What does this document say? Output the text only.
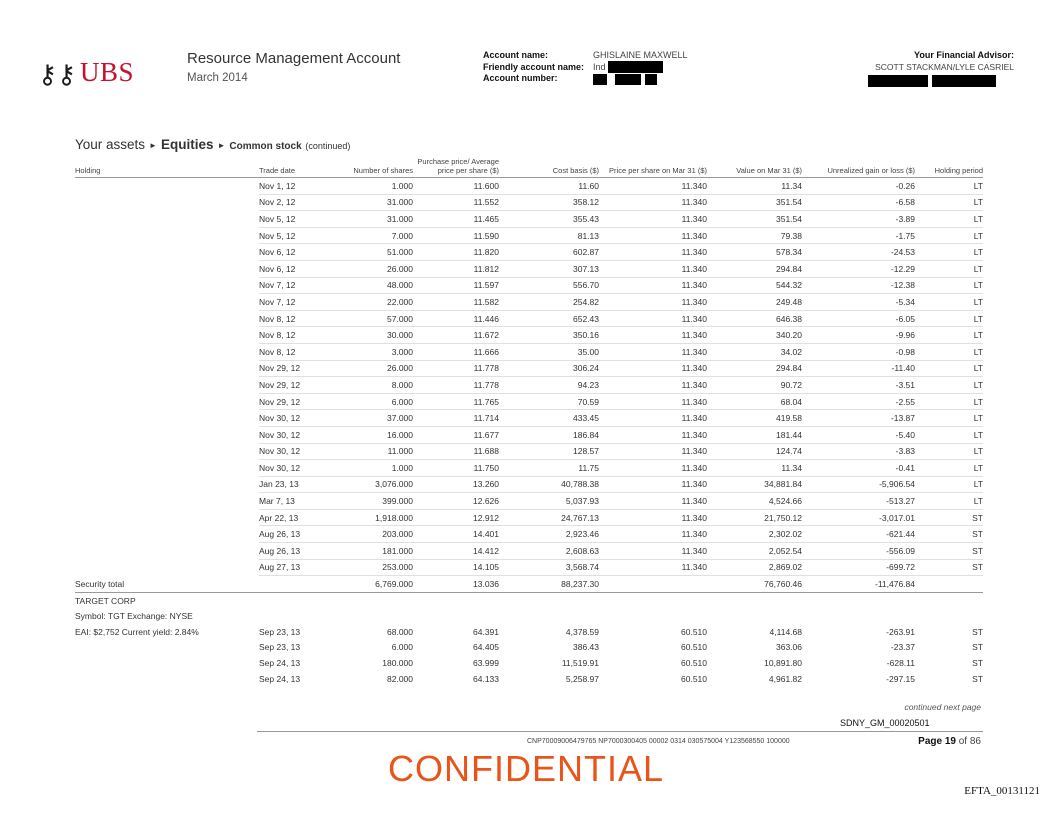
⚷⚷ UBS	Resource Management Account
March 2014
Account name:
Friendly account name:
Account number:
GHISLAINE MAXWELL
Ind
Your Financial Advisor:
SCOTT STACKMAN/LYLE CASRIEL
Your assets ► Equities ► Common stock (continued)
Holding	Trade date	Number of shares	Purchase price/ Average price per share ($)	Cost basis ($)	Price per share on Mar 31 ($)	Value on Mar 31 ($)	Unrealized gain or loss ($)	Holding period
	Nov 1, 12	1.000	11.600	11.60	11.340	11.34	-0.26	LT
	Nov 2, 12	31.000	11.552	358.12	11.340	351.54	-6.58	LT
	Nov 5, 12	31.000	11.465	355.43	11.340	351.54	-3.89	LT
	Nov 5, 12	7.000	11.590	81.13	11.340	79.38	-1.75	LT
	Nov 6, 12	51.000	11.820	602.87	11.340	578.34	-24.53	LT
	Nov 6, 12	26.000	11.812	307.13	11.340	294.84	-12.29	LT
	Nov 7, 12	48.000	11.597	556.70	11.340	544.32	-12.38	LT
	Nov 7, 12	22.000	11.582	254.82	11.340	249.48	-5.34	LT
	Nov 8, 12	57.000	11.446	652.43	11.340	646.38	-6.05	LT
	Nov 8, 12	30.000	11.672	350.16	11.340	340.20	-9.96	LT
	Nov 8, 12	3.000	11.666	35.00	11.340	34.02	-0.98	LT
	Nov 29, 12	26.000	11.778	306.24	11.340	294.84	-11.40	LT
	Nov 29, 12	8.000	11.778	94.23	11.340	90.72	-3.51	LT
	Nov 29, 12	6.000	11.765	70.59	11.340	68.04	-2.55	LT
	Nov 30, 12	37.000	11.714	433.45	11.340	419.58	-13.87	LT
	Nov 30, 12	16.000	11.677	186.84	11.340	181.44	-5.40	LT
	Nov 30, 12	11.000	11.688	128.57	11.340	124.74	-3.83	LT
	Nov 30, 12	1.000	11.750	11.75	11.340	11.34	-0.41	LT
	Jan 23, 13	3,076.000	13.260	40,788.38	11.340	34,881.84	-5,906.54	LT
	Mar 7, 13	399.000	12.626	5,037.93	11.340	4,524.66	-513.27	LT
	Apr 22, 13	1,918.000	12.912	24,767.13	11.340	21,750.12	-3,017.01	ST
	Aug 26, 13	203.000	14.401	2,923.46	11.340	2,302.02	-621.44	ST
	Aug 26, 13	181.000	14.412	2,608.63	11.340	2,052.54	-556.09	ST
	Aug 27, 13	253.000	14.105	3,568.74	11.340	2,869.02	-699.72	ST
Security total		6,769.000	13.036	88,237.30		76,760.46	-11,476.84	
TARGET CORP								
Symbol: TGT Exchange: NYSE								
EAI: $2,752 Current yield: 2.84%	Sep 23, 13	68.000	64.391	4,378.59	60.510	4,114.68	-263.91	ST
	Sep 23, 13	6.000	64.405	386.43	60.510	363.06	-23.37	ST
	Sep 24, 13	180.000	63.999	11,519.91	60.510	10,891.80	-628.11	ST
	Sep 24, 13	82.000	64.133	5,258.97	60.510	4,961.82	-297.15	ST
continued next page
SDNY_GM_00020501
CNP70009006479765 NP7000300405 00002 0314 030575004 Y123568550 100000	Page 19 of 86
CONFIDENTIAL
EFTA_00131121
